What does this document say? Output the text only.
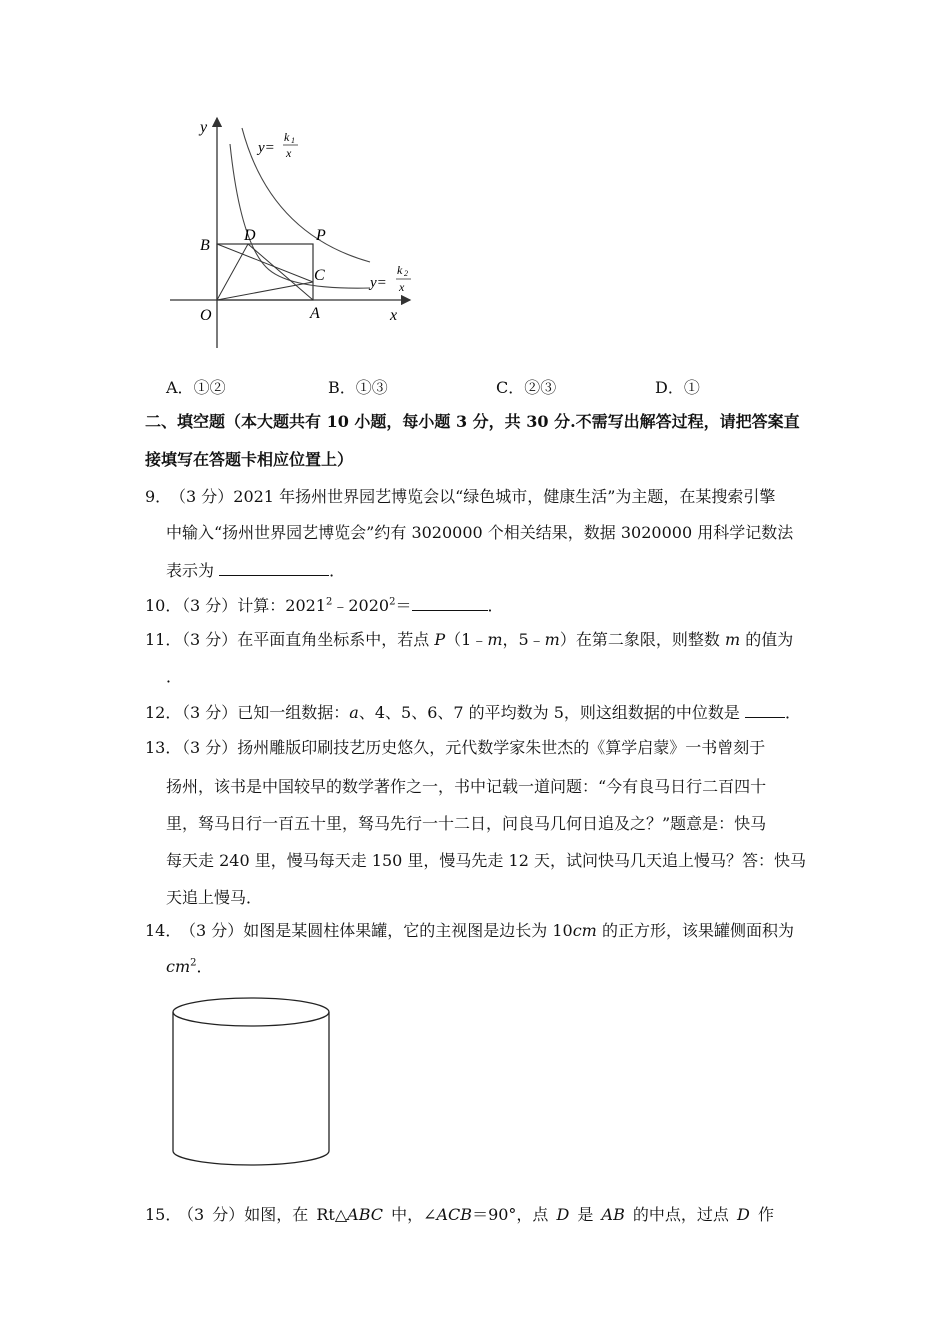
y
x
O	A
B
C
D	P
y=
k 1
x
y=
k 2
x
A．①②	B．①③	C．②③	D．①
二、填空题（本大题共有 10 小题，每小题 3 分，共 30 分.不需写出解答过程，请把答案直
接填写在答题卡相应位置上）
9．
（3 分）2021 年扬州世界园艺博览会以“绿色城市，健康生活”为主题，在某搜索引擎
中输入“扬州世界园艺博览会”约有 3020000 个相关结果，数据 3020000 用科学记数法
表示为	．
10．
（3 分）计算：$2021^2﹣2020^2=$	．
11．
（3 分）在平面直角坐标系中，若点 P（1﹣m，5﹣m）在第二象限，则整数 m 的值为
．
12．
（3 分）已知一组数据：a、4、5、6、7 的平均数为 5，则这组数据的中位数是	．
13．
（3 分）扬州雕版印刷技艺历史悠久，元代数学家朱世杰的《算学启蒙》一书曾刻于
扬州，该书是中国较早的数学著作之一，书中记载一道问题：“今有良马日行二百四十
里，驽马日行一百五十里，驽马先行一十二日，问良马几何日追及之？”题意是：快马
每天走 240 里，慢马每天走 150 里，慢马先走 12 天，试问快马几天追上慢马？答：快马
天追上慢马．
14．
（3 分）如图是某圆柱体果罐，它的主视图是边长为 10cm 的正方形，该果罐侧面积为
$cm^2$．
15．
（3 分）如图，在 Rt△ABC 中，∠ACB＝90°，点 D 是 AB 的中点，过点 D 作
